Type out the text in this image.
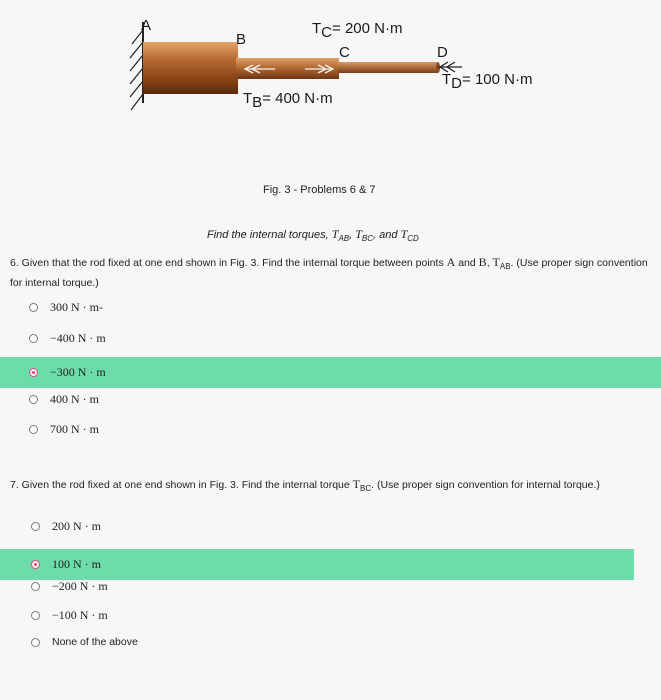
A
B
C	D
TC= 200 N·m
TB= 400 N·m
TD= 100 N·m
Fig. 3 - Problems 6 & 7
Find the internal torques, $T_{AB}$, $T_{BC}$, and $T_{CD}$
6. Given that the rod fixed at one end shown in Fig. 3. Find the internal torque between points A and B, $T_{AB}$. (Use proper sign convention for internal torque.)
300 N · m-
−400 N · m
−300 N · m
400 N · m
700 N · m
7. Given the rod fixed at one end shown in Fig. 3. Find the internal torque $T_{BC}$. (Use proper sign convention for internal torque.)
200 N · m
100 N · m
−200 N · m
−100 N · m
None of the above
